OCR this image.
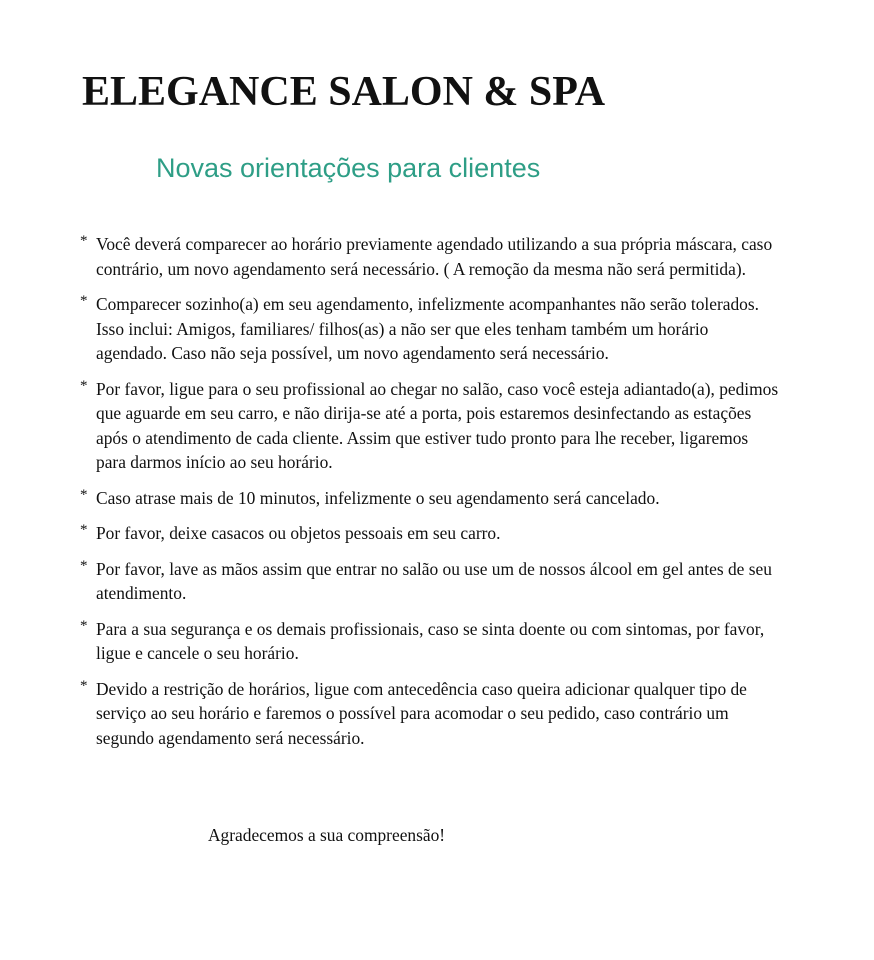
ELEGANCE SALON & SPA
Novas orientações para clientes
* Você deverá comparecer ao horário previamente agendado utilizando a sua própria máscara, caso contrário, um novo agendamento será necessário. ( A remoção da mesma não será permitida).
* Comparecer sozinho(a) em seu agendamento, infelizmente acompanhantes não serão tolerados. Isso inclui: Amigos, familiares/ filhos(as) a não ser que eles tenham também um horário agendado. Caso não seja possível, um novo agendamento será necessário.
* Por favor, ligue para o seu profissional ao chegar no salão, caso você esteja adiantado(a), pedimos que aguarde em seu carro, e não dirija-se até a porta, pois estaremos desinfectando as estações após o atendimento de cada cliente. Assim que estiver tudo pronto para lhe receber, ligaremos para darmos início ao seu horário.
* Caso atrase mais de 10 minutos, infelizmente o seu agendamento será cancelado.
* Por favor, deixe casacos ou objetos pessoais em seu carro.
* Por favor, lave as mãos assim que entrar no salão ou use um de nossos álcool em gel antes de seu atendimento.
* Para a sua segurança e os demais profissionais, caso se sinta doente ou com sintomas, por favor, ligue e cancele o seu horário.
* Devido a restrição de horários, ligue com antecedência caso queira adicionar qualquer tipo de serviço ao seu horário e faremos o possível para acomodar o seu pedido, caso contrário um segundo agendamento será necessário.

Agradecemos a sua compreensão!
